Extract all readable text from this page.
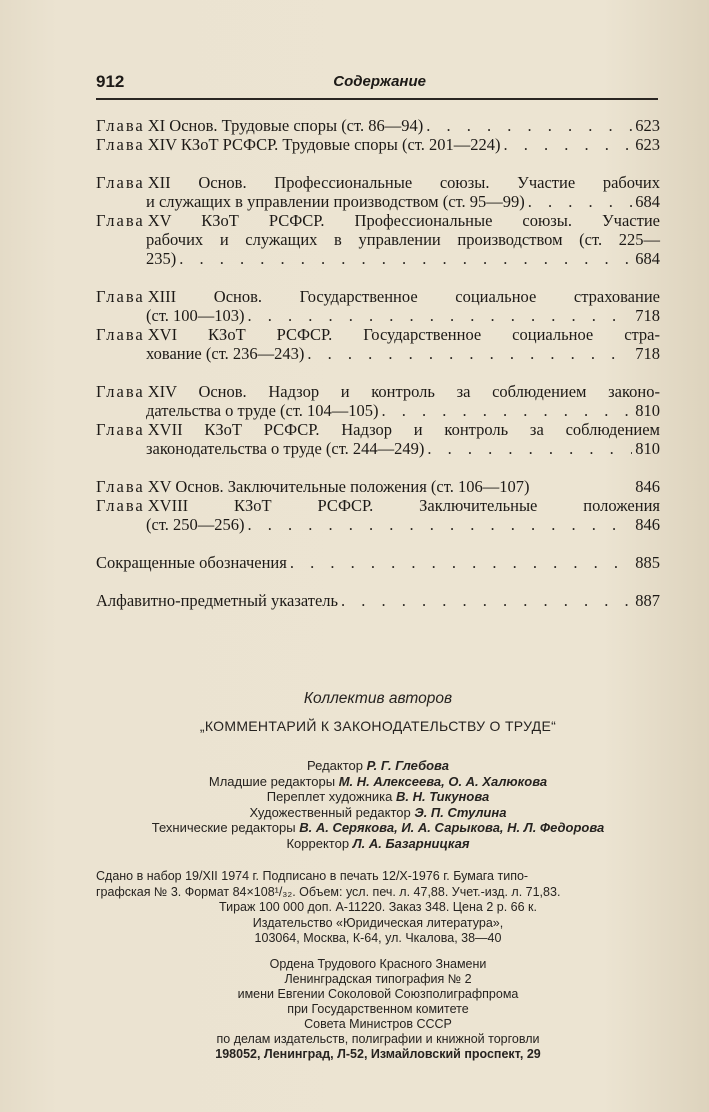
912	Содержание
Глава XI Основ. Трудовые споры (ст. 86—94) . . .	623
Глава XIV КЗоТ РСФСР. Трудовые споры (ст. 201—224) . . .	623
Глава XII Основ. Профессиональные союзы. Участие рабочих
и служащих в управлении производством (ст. 95—99) . . .	684
Глава XV КЗоТ РСФСР. Профессиональные союзы. Участие
рабочих и служащих в управлении производством (ст. 225—
235) . . .	684
Глава XIII Основ. Государственное социальное страхование
(ст. 100—103) . . .	718
Глава XVI КЗоТ РСФСР. Государственное социальное стра-
хование (ст. 236—243) . . .	718
Глава XIV Основ. Надзор и контроль за соблюдением законо-
дательства о труде (ст. 104—105) . . .	810
Глава XVII КЗоТ РСФСР. Надзор и контроль за соблюдением
законодательства о труде (ст. 244—249) . . .	810
Глава XV Основ. Заключительные положения (ст. 106—107)	846
Глава XVIII КЗоТ РСФСР. Заключительные положения
(ст. 250—256) . . .	846
Сокращенные обозначения . . .	885
Алфавитно-предметный указатель . . .	887
Коллектив авторов
„КОММЕНТАРИЙ К ЗАКОНОДАТЕЛЬСТВУ О ТРУДЕ“
Редактор Р. Г. Глебова
Младшие редакторы М. Н. Алексеева, О. А. Халюкова
Переплет художника В. Н. Тикунова
Художественный редактор Э. П. Стулина
Технические редакторы В. А. Серякова, И. А. Сарыкова, Н. Л. Федорова
Корректор Л. А. Базарницкая
Сдано в набор 19/XII 1974 г. Подписано в печать 12/X-1976 г. Бумага типо-
графская № 3. Формат 84×108¹/₃₂. Объем: усл. печ. л. 47,88. Учет.-изд. л. 71,83.
Тираж 100 000 доп. А-11220. Заказ 348. Цена 2 р. 66 к.
Издательство «Юридическая литература»,
103064, Москва, К-64, ул. Чкалова, 38—40
Ордена Трудового Красного Знамени
Ленинградская типография № 2
имени Евгении Соколовой Союзполиграфпрома
при Государственном комитете
Совета Министров СССР
по делам издательств, полиграфии и книжной торговли
198052, Ленинград, Л-52, Измайловский проспект, 29
